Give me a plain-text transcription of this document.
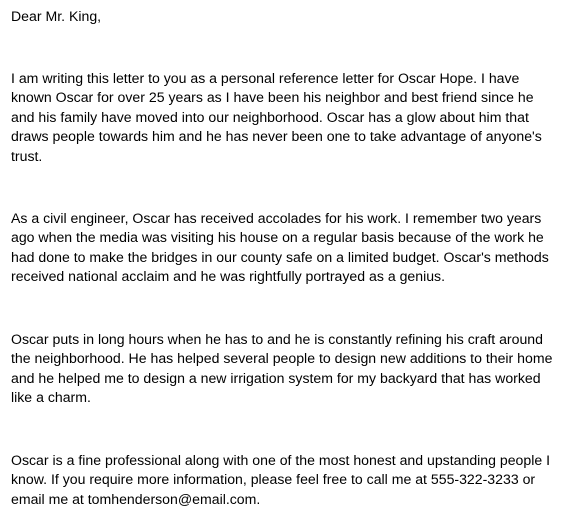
Dear Mr. King,

I am writing this letter to you as a personal reference letter for Oscar Hope. I have
known Oscar for over 25 years as I have been his neighbor and best friend since he
and his family have moved into our neighborhood. Oscar has a glow about him that
draws people towards him and he has never been one to take advantage of anyone's
trust.

As a civil engineer, Oscar has received accolades for his work. I remember two years
ago when the media was visiting his house on a regular basis because of the work he
had done to make the bridges in our county safe on a limited budget. Oscar's methods
received national acclaim and he was rightfully portrayed as a genius.

Oscar puts in long hours when he has to and he is constantly refining his craft around
the neighborhood. He has helped several people to design new additions to their home
and he helped me to design a new irrigation system for my backyard that has worked
like a charm.

Oscar is a fine professional along with one of the most honest and upstanding people I
know. If you require more information, please feel free to call me at 555-322-3233 or
email me at tomhenderson@email.com.
